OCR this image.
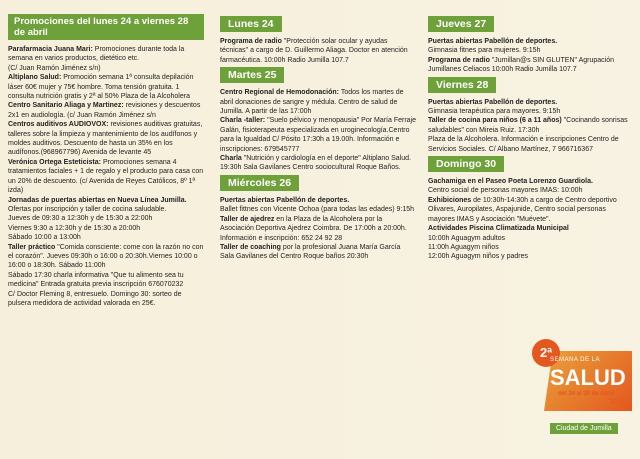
Promociones del lunes 24 a viernes 28 de abril

Parafarmacia Juana Mari: Promociones durante toda la semana en varios productos, dietético etc.

(C/ Juan Ramón Jiménez s/n)

Altiplano Salud: Promoción semana 1ª consulta depilación láser 60€ mujer y 75€ hombre. Toma tensión gratuita. 1 consulta nutrición gratis y 2ª al 50% Plaza de la Alcoholera

Centro Sanitario Aliaga y Martinez: revisiones y descuentos 2x1 en audiología. (c/ Juan Ramón Jiménez s/n

Centros auditivos AUDIOVOX: revisiones auditivas gratuitas, talleres sobre la limpieza y mantenimiento de los audífonos y moldes auditivos. Descuento de hasta un 35% en los audífonos.(968967796) Avenida de levante 45

Verónica Ortega Esteticista: Promociones semana 4 tratamientos faciales + 1 de regalo y el producto para casa con un 20% de descuento. (c/ Avenida de Reyes Católicos, 8º 1ª izda)

Jornadas de puertas abiertas en Nueva Línea Jumilla. Ofertas por inscripción y taller de cocina saludable.

Jueves de 09:30 a 12:30h y de 15:30 a 22:00h

Viernes 9:30 a 12:30h y de 15:30 a 20:00h

Sábado 10:00 a 13:00h

Taller práctico "Comida consciente: come con la razón no con el corazón". Jueves 09:30h o 16:00 o 20:30h.Viernes 10:00 o 16:00 o 18:30h. Sábado 11:00h

Sábado 17:30 charla informativa "Que tu alimento sea tu medicina" Entrada gratuita previa inscripción 676070232

C/ Doctor Fleming 8, entresuelo. Domingo 30: sorteo de pulsera medidora de actividad valorada en 25€.

Lunes 24

Programa de radio "Protección solar ocular y ayudas técnicas" a cargo de D. Guillermo Aliaga. Doctor en atención farmacéutica. 10:00h Radio Jumilla 107.7

Martes 25

Centro Regional de Hemodonación: Todos los martes de abril donaciones de sangre y médula. Centro de salud de Jumilla. A partir de las 17:00h

Charla -taller: "Suelo pélvico y menopausia" Por María Ferraje Galán, fisioterapeuta especializada en uroginecología.Centro para la Igualdad C/ Pósito 17:30h a 19.00h. Información e inscripciones: 679545777

Charla "Nutrición y cardiología en el deporte" Altiplano Salud. 19:30h Sala Gavilanes Centro sociocultural Roque Baños.

Miércoles 26

Puertas abiertas Pabellón de deportes.

Ballet fittnes con Vicente Ochoa (para todas las edades) 9:15h

Taller de ajedrez en la Plaza de la Alcoholera por la Asociación Deportiva Ajedrez Coimbra. De 17:00h a 20:00h.

Información e inscripción: 652 24 92 28

Taller de coaching por la profesional Juana María García Sala Gavilanes del Centro Roque baños 20:30h

Jueves 27

Puertas abiertas Pabellón de deportes.

Gimnasia fitnes para mujeres. 9:15h

Programa de radio "Jumillan@s SIN GLUTEN" Agrupación Jumillanes Celiacos 10:00h Radio Jumilla 107.7

Viernes 28

Puertas abiertas Pabellón de deportes.

Gimnasia terapéutica para mayores. 9:15h

Taller de cocina para niños (6 a 11 años) "Cocinando sonrisas saludables" con Mireia Ruiz. 17:30h

Plaza de la Alcoholera. Información e inscripciones Centro de Servicios Sociales. C/ Albano Martínez, 7 966716367

Domingo 30

Gachamiga en el Paseo Poeta Lorenzo Guardiola.

Centro social de personas mayores IMAS: 10:00h

Exhibiciones de 10:30h-14:30h a cargo de Centro deportivo Olivares, Auropilates, Aspajunide, Centro social personas mayores IMAS y Asociación "Muévete".

Actividades Piscina Climatizada Municipal

10:00h Aguagym adultos

11:00h Aguagym niños

12:00h Aguagym niños y padres

2ª
SEMANA DE LA
SALUD
del 24 al 30 de Abril
2017
Ciudad de Jumilla
